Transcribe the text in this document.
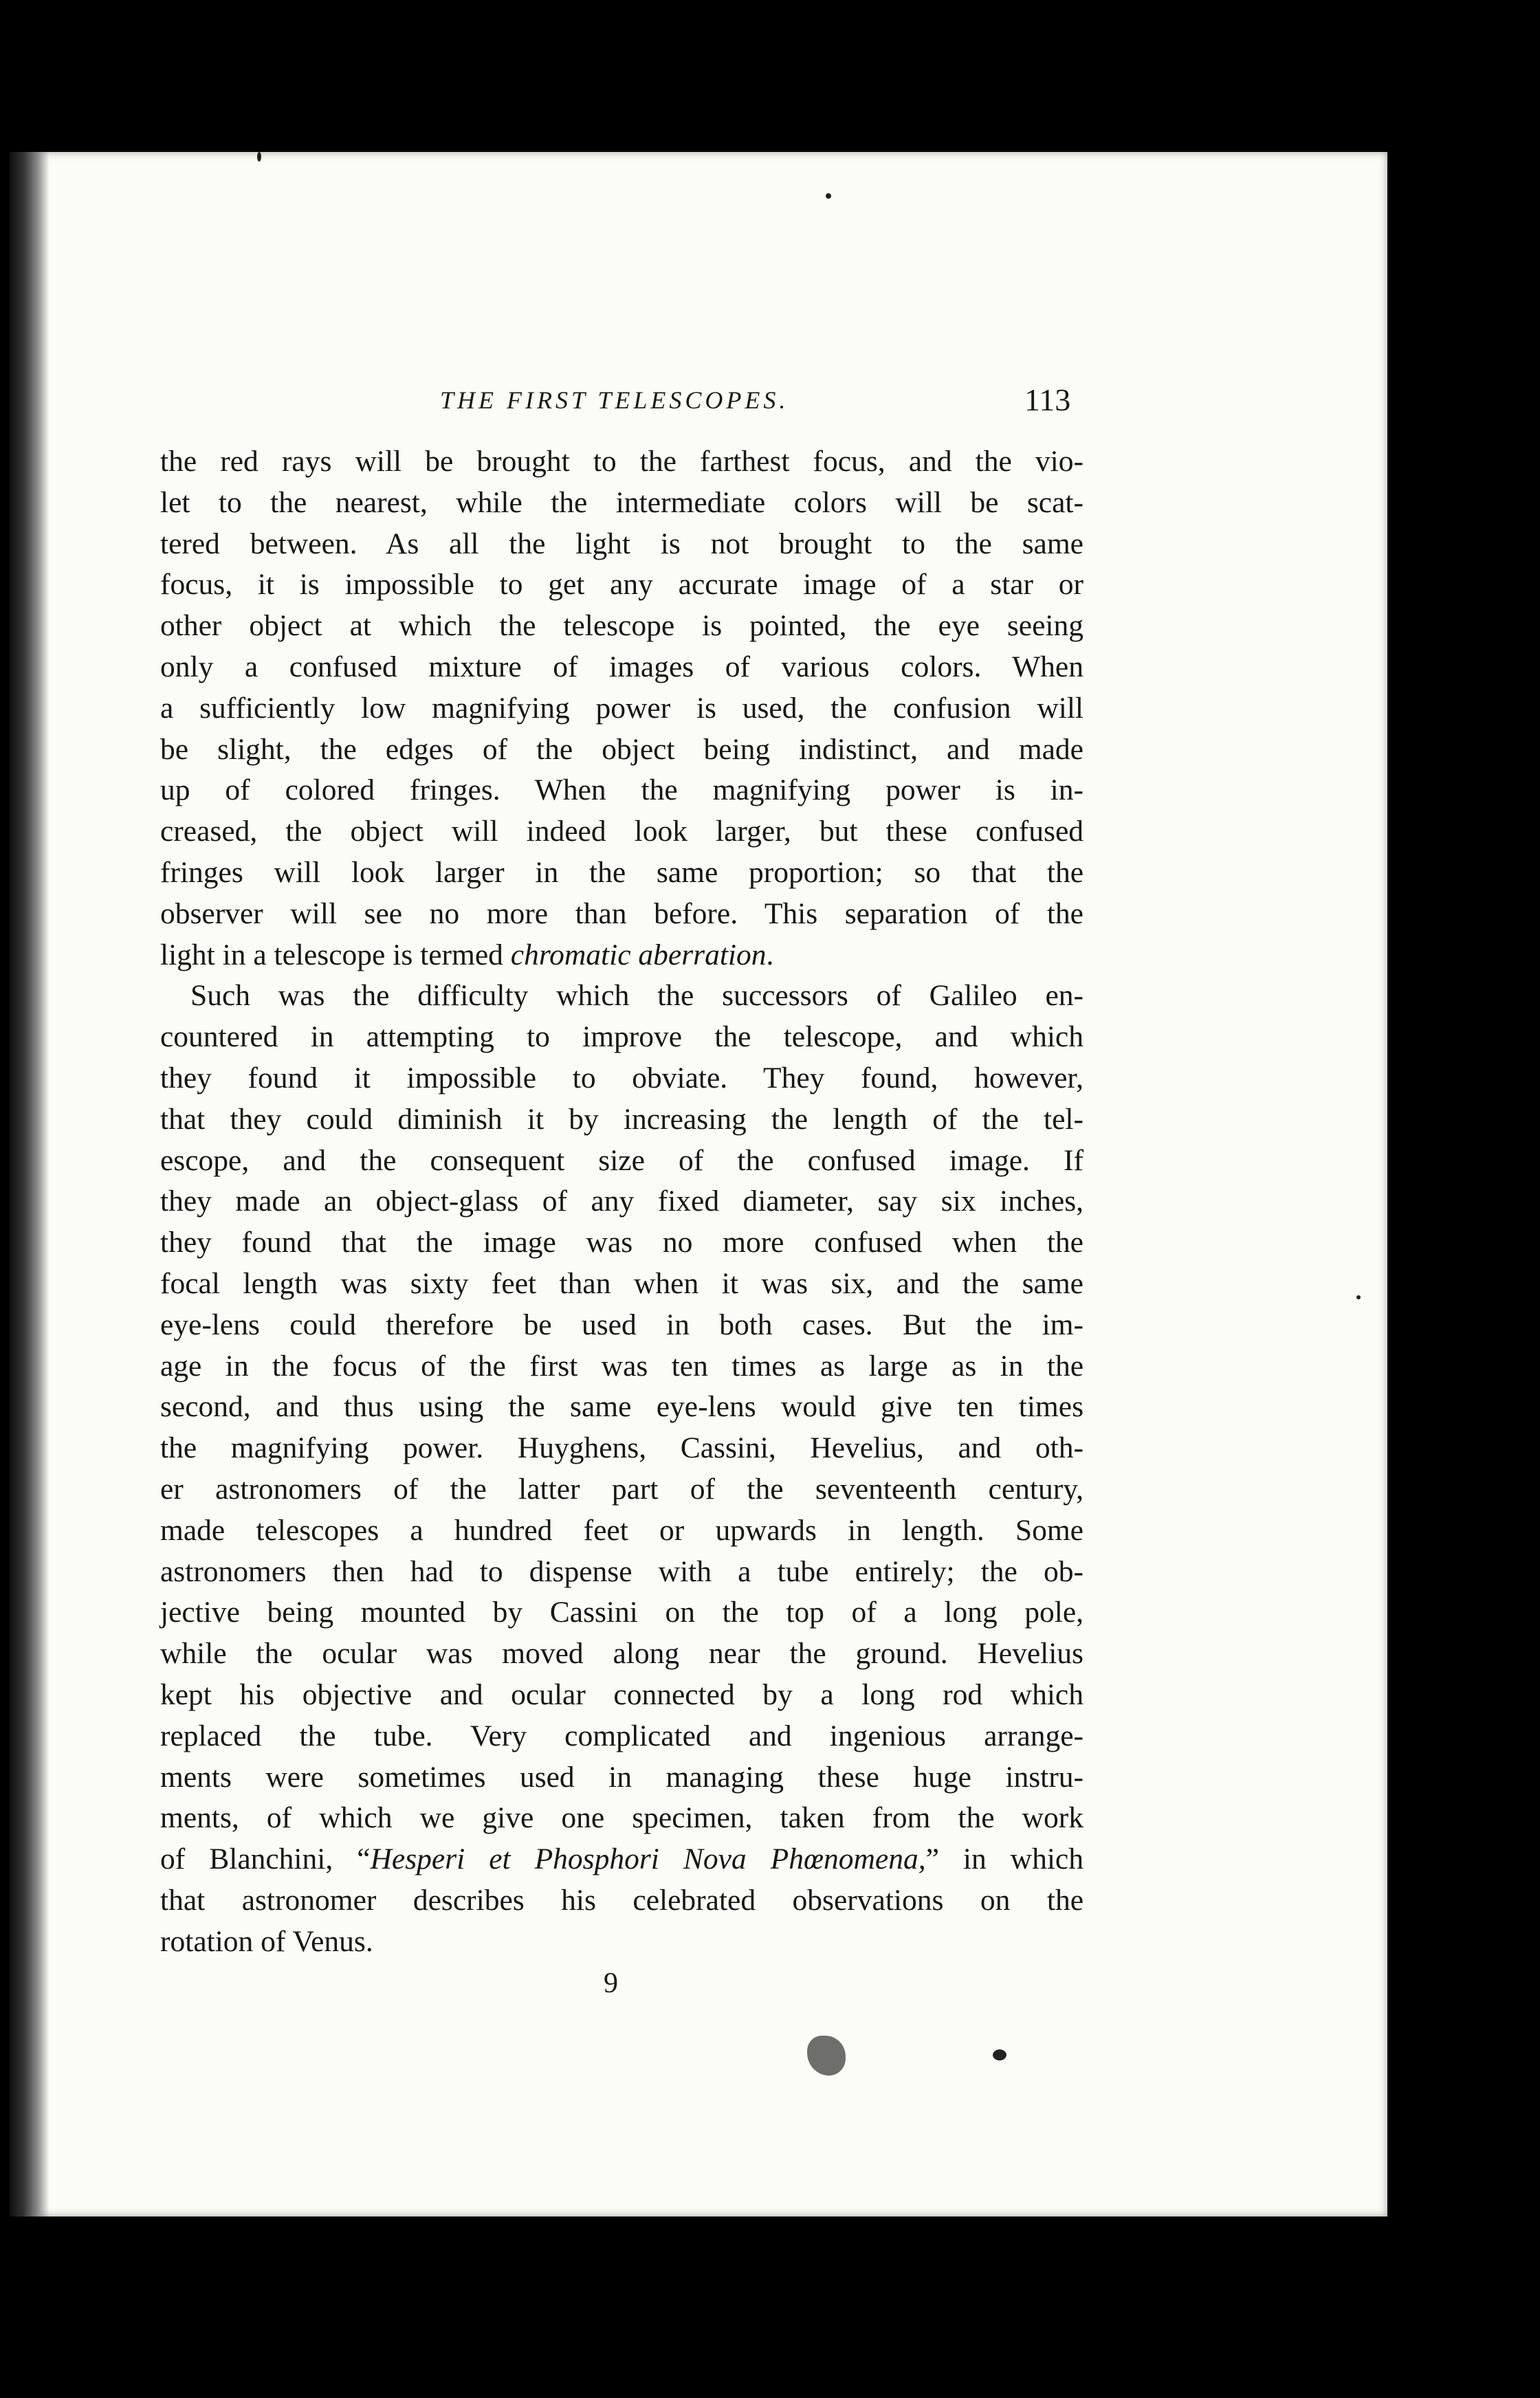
THE FIRST TELESCOPES.	113
the red rays will be brought to the farthest focus, and the vio-
let to the nearest, while the intermediate colors will be scat-
tered between. As all the light is not brought to the same
focus, it is impossible to get any accurate image of a star or
other object at which the telescope is pointed, the eye seeing
only a confused mixture of images of various colors. When
a sufficiently low magnifying power is used, the confusion will
be slight, the edges of the object being indistinct, and made
up of colored fringes. When the magnifying power is in-
creased, the object will indeed look larger, but these confused
fringes will look larger in the same proportion; so that the
observer will see no more than before. This separation of the
light in a telescope is termed chromatic aberration.
Such was the difficulty which the successors of Galileo en-
countered in attempting to improve the telescope, and which
they found it impossible to obviate. They found, however,
that they could diminish it by increasing the length of the tel-
escope, and the consequent size of the confused image. If
they made an object-glass of any fixed diameter, say six inches,
they found that the image was no more confused when the
focal length was sixty feet than when it was six, and the same
eye-lens could therefore be used in both cases. But the im-
age in the focus of the first was ten times as large as in the
second, and thus using the same eye-lens would give ten times
the magnifying power. Huyghens, Cassini, Hevelius, and oth-
er astronomers of the latter part of the seventeenth century,
made telescopes a hundred feet or upwards in length. Some
astronomers then had to dispense with a tube entirely; the ob-
jective being mounted by Cassini on the top of a long pole,
while the ocular was moved along near the ground. Hevelius
kept his objective and ocular connected by a long rod which
replaced the tube. Very complicated and ingenious arrange-
ments were sometimes used in managing these huge instru-
ments, of which we give one specimen, taken from the work
of Blanchini, “Hesperi et Phosphori Nova Phœnomena,” in which
that astronomer describes his celebrated observations on the
rotation of Venus.
9
